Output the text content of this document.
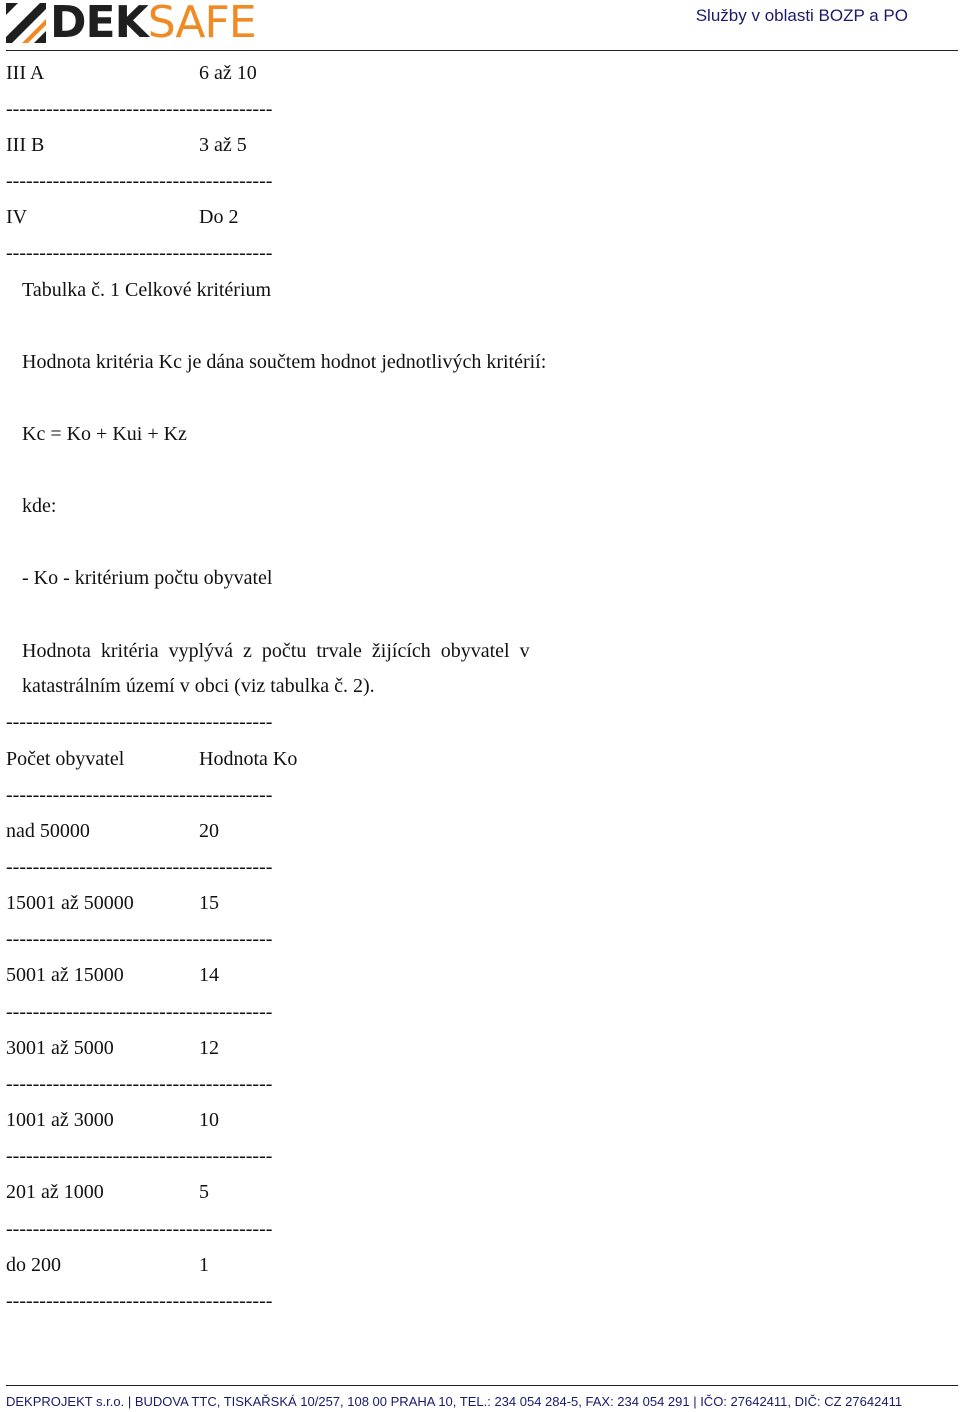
DEK SAFE	Služby v oblasti BOZP a PO
III A	6 až 10
----------------------------------------
III B	3 až 5
----------------------------------------
IV	Do 2
----------------------------------------
Tabulka č. 1 Celkové kritérium
Hodnota kritéria Kc je dána součtem hodnot jednotlivých kritérií:
Kc = Ko + Kui + Kz
kde:
- Ko - kritérium počtu obyvatel
Hodnota  kritéria  vyplývá  z  počtu  trvale  žijících  obyvatel  v
katastrálním území v obci (viz tabulka č. 2).
----------------------------------------
Počet obyvatel	Hodnota Ko
----------------------------------------
nad 50000	20
----------------------------------------
15001 až 50000	15
----------------------------------------
5001 až 15000	14
----------------------------------------
3001 až 5000	12
----------------------------------------
1001 až 3000	10
----------------------------------------
201 až 1000	5
----------------------------------------
do 200	1
----------------------------------------
DEKPROJEKT s.r.o. | BUDOVA TTC, TISKAŘSKÁ 10/257, 108 00 PRAHA 10, TEL.: 234 054 284-5, FAX: 234 054 291 | IČO: 27642411, DIČ: CZ 27642411
